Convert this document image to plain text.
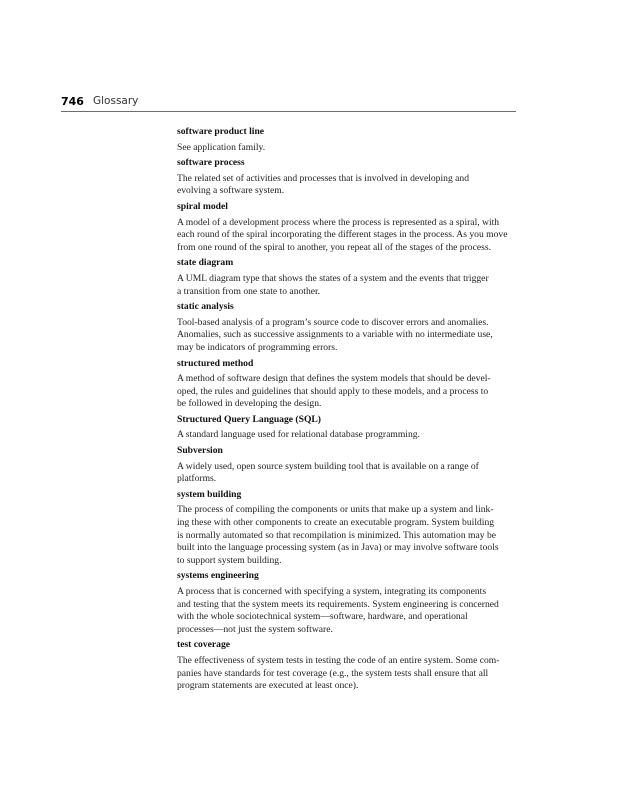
746 Glossary

software product line

See application family.

software process

The related set of activities and processes that is involved in developing and
evolving a software system.

spiral model

A model of a development process where the process is represented as a spiral, with
each round of the spiral incorporating the different stages in the process. As you move
from one round of the spiral to another, you repeat all of the stages of the process.

state diagram

A UML diagram type that shows the states of a system and the events that trigger
a transition from one state to another.

static analysis

Tool-based analysis of a program’s source code to discover errors and anomalies.
Anomalies, such as successive assignments to a variable with no intermediate use,
may be indicators of programming errors.

structured method

A method of software design that defines the system models that should be devel-
oped, the rules and guidelines that should apply to these models, and a process to
be followed in developing the design.

Structured Query Language (SQL)

A standard language used for relational database programming.

Subversion

A widely used, open source system building tool that is available on a range of
platforms.

system building

The process of compiling the components or units that make up a system and link-
ing these with other components to create an executable program. System building
is normally automated so that recompilation is minimized. This automation may be
built into the language processing system (as in Java) or may involve software tools
to support system building.

systems engineering

A process that is concerned with specifying a system, integrating its components
and testing that the system meets its requirements. System engineering is concerned
with the whole sociotechnical system—software, hardware, and operational
processes—not just the system software.

test coverage

The effectiveness of system tests in testing the code of an entire system. Some com-
panies have standards for test coverage (e.g., the system tests shall ensure that all
program statements are executed at least once).
